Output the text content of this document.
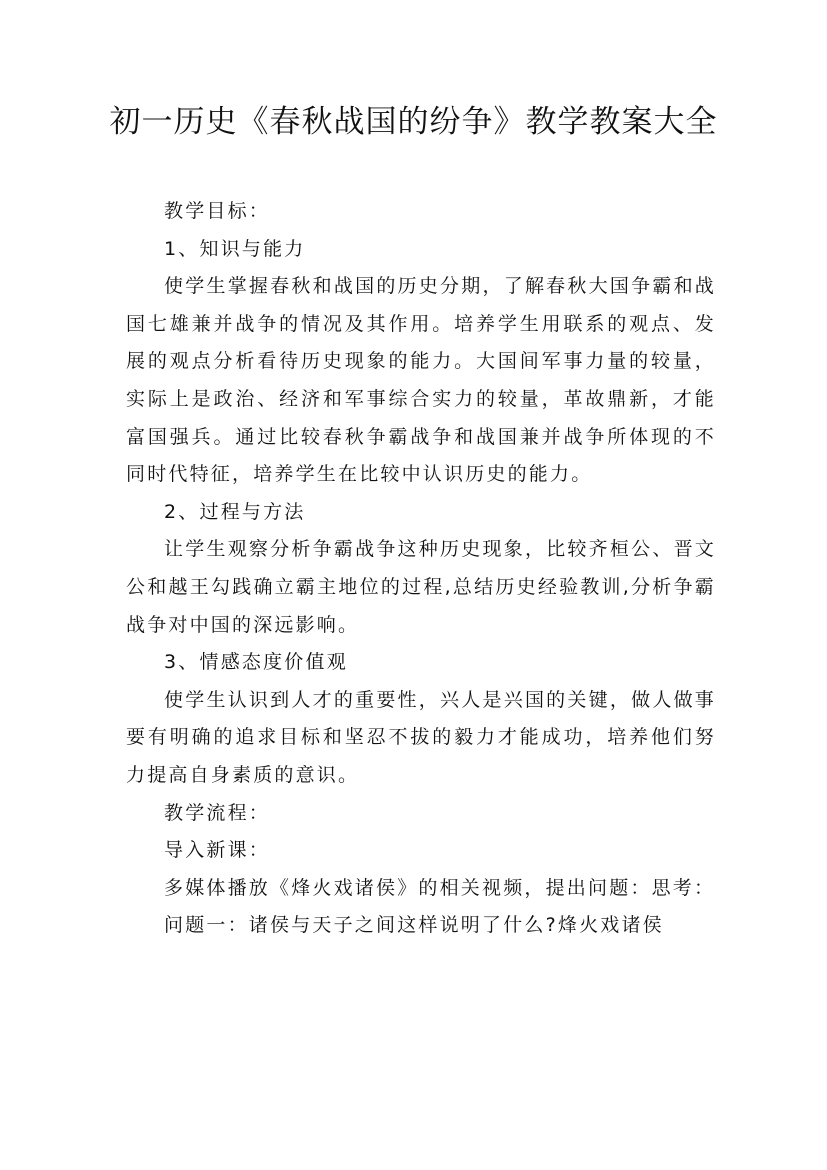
初一历史《春秋战国的纷争》教学教案大全

教学目标：

1、知识与能力

使学生掌握春秋和战国的历史分期，了解春秋大国争霸和战国七雄兼并战争的情况及其作用。培养学生用联系的观点、发展的观点分析看待历史现象的能力。大国间军事力量的较量，实际上是政治、经济和军事综合实力的较量，革故鼎新，才能富国强兵。通过比较春秋争霸战争和战国兼并战争所体现的不同时代特征，培养学生在比较中认识历史的能力。

2、过程与方法

让学生观察分析争霸战争这种历史现象，比较齐桓公、晋文公和越王勾践确立霸主地位的过程,总结历史经验教训,分析争霸战争对中国的深远影响。

3、情感态度价值观

使学生认识到人才的重要性，兴人是兴国的关键，做人做事要有明确的追求目标和坚忍不拔的毅力才能成功，培养他们努力提高自身素质的意识。

教学流程：

导入新课：

多媒体播放《烽火戏诸侯》的相关视频，提出问题：思考：

问题一：诸侯与天子之间这样说明了什么?烽火戏诸侯
